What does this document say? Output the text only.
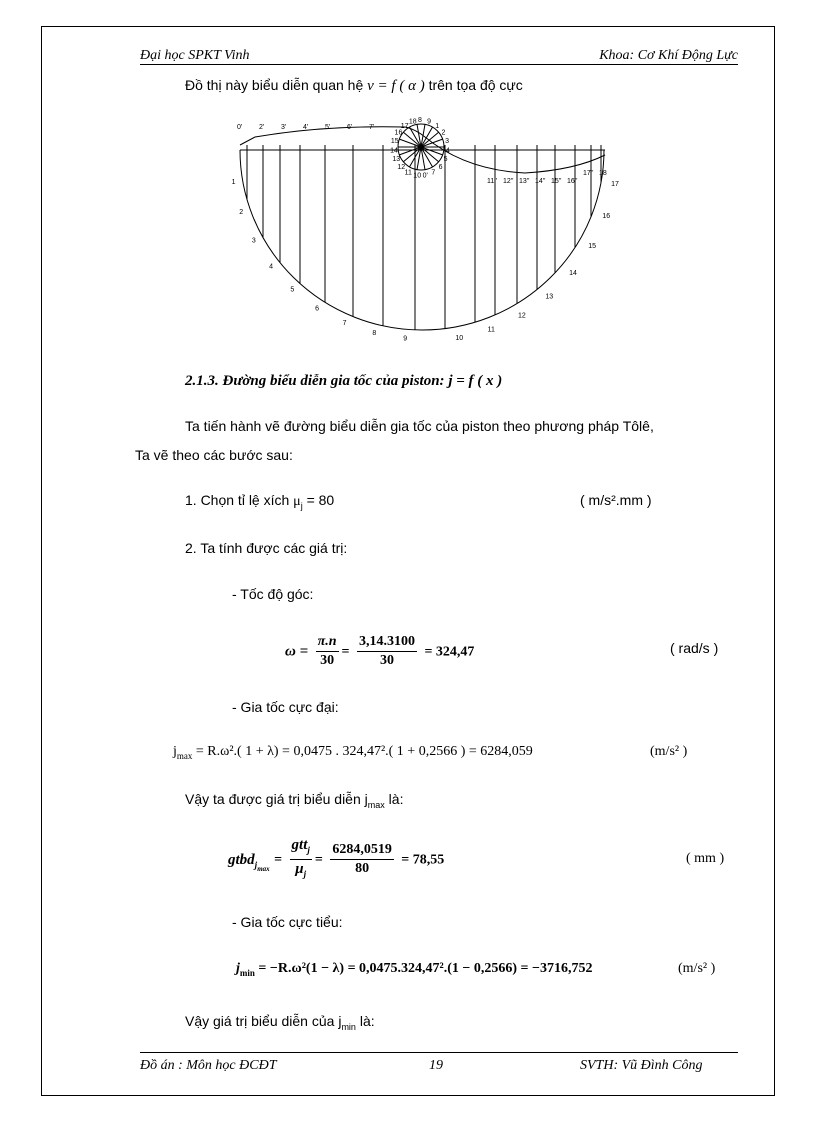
Đại học SPKT Vinh	Khoa: Cơ Khí Động Lực
Đồ thị này biểu diễn quan hệ v = f ( α ) trên tọa độ cực
0' 2' 3' 4' 5' 6' 7'
8 9
1
2
3
4
5
6
7
0'
10
11
12
13
14
15
16
17
18
11'' 12'' 13'' 14'' 15'' 16''
17'' 18
1
2
3
4
5
6
7
8
9	10
11
12
13
14
15
16
17
2.1.3. Đường biểu diễn gia tốc của piston: j = f ( x )
Ta tiến hành vẽ đường biểu diễn gia tốc của piston theo phương pháp Tôlê,
Ta vẽ theo các bước sau:
1. Chọn tỉ lệ xích $\mu_j = 80$	( m/s².mm )
2. Ta tính được các giá trị:
- Tốc độ góc:
$\omega = \frac{\pi.n}{30} = \frac{3,14.3100}{30} = 324,47$	( rad/s )
- Gia tốc cực đại:
$j_{max} = R.\omega^2$.( 1 + λ) = 0,0475 . 324,47².( 1 + 0,2566 ) = 6284,059	(m/s² )
Vậy ta được giá trị biểu diễn $j_{max}$ là:
gtbd$_{j_{max}}$ = $\frac{gtt_j}{\mu_j} = \frac{6284,0519}{80} = 78,55$	( mm )
- Gia tốc cực tiểu:
$j_{min} = -R.\omega^2(1 - \lambda) = 0,0475.324,47^2.(1 - 0,2566) = -3716,752$	(m/s² )
Vậy giá trị biểu diễn của $j_{min}$ là:
Đồ án : Môn học ĐCĐT	19	SVTH: Vũ Đình Công
